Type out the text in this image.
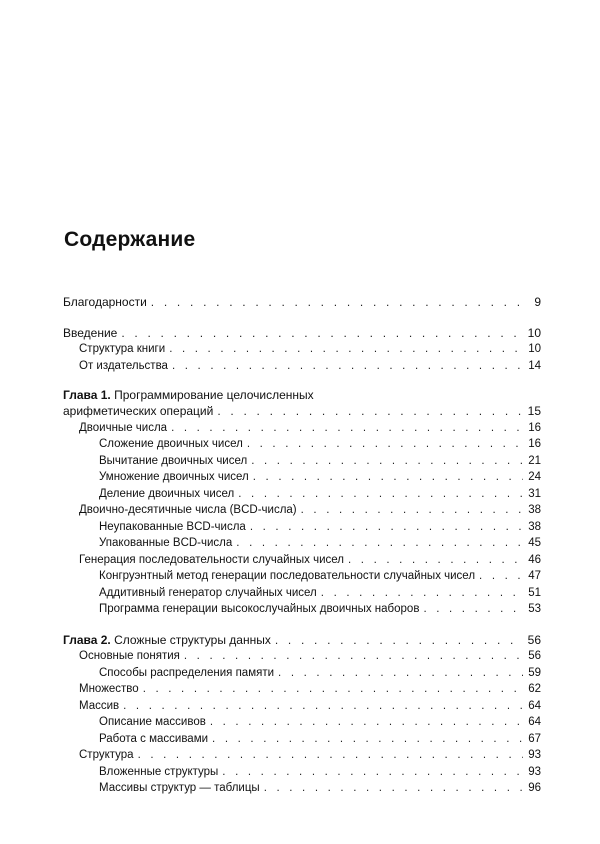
Содержание
Благодарности . . .	9
Введение . . .	10
Структура книги . . .	10
От издательства . . .	14
Глава 1. Программирование целочисленных
арифметических операций . . .	15
Двоичные числа . . .	16
Сложение двоичных чисел . . .	16
Вычитание двоичных чисел . . .	21
Умножение двоичных чисел . . .	24
Деление двоичных чисел . . .	31
Двоично-десятичные числа (BCD-числа) . . .	38
Неупакованные BCD-числа . . .	38
Упакованные BCD-числа . . .	45
Генерация последовательности случайных чисел . . .	46
Конгруэнтный метод генерации последовательности случайных чисел . . .	47
Аддитивный генератор случайных чисел . . .	51
Программа генерации высокослучайных двоичных наборов . . .	53
Глава 2. Сложные структуры данных . . .	56
Основные понятия . . .	56
Способы распределения памяти . . .	59
Множество . . .	62
Массив . . .	64
Описание массивов . . .	64
Работа с массивами . . .	67
Структура . . .	93
Вложенные структуры . . .	93
Массивы структур — таблицы . . .	96
